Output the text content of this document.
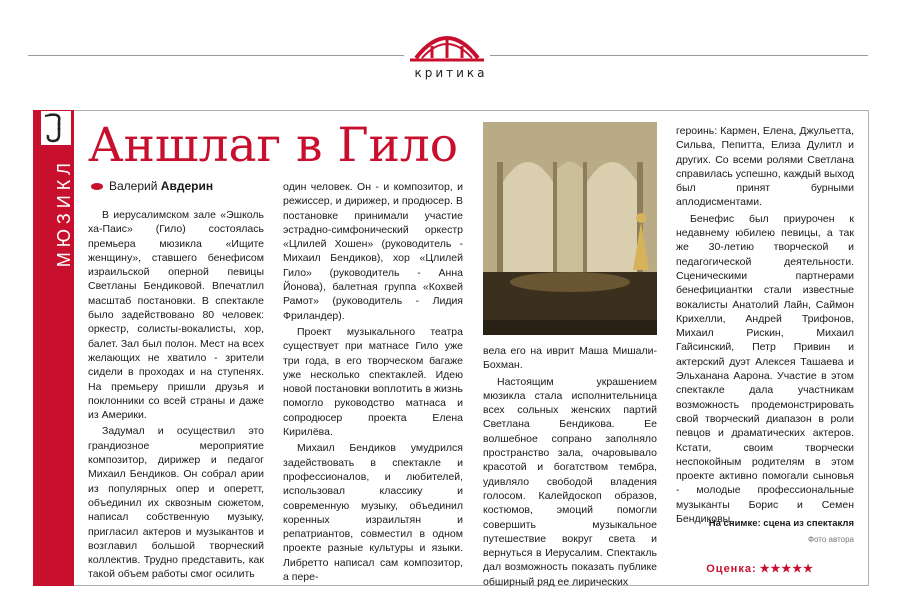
критика
МЮЗИКЛ
Аншлаг в Гило
Валерий Авдерин

В иерусалимском зале «Эшколь ха-Паис» (Гило) состоялась премьера мюзикла «Ищите женщину», ставшего бенефисом израильской оперной певицы Светланы Бендиковой. Впечатлил масштаб постановки. В спектакле было задействовано 80 человек: оркестр, солисты-вокалисты, хор, балет. Зал был полон. Мест на всех желающих не хватило - зрители сидели в проходах и на ступенях. На премьеру пришли друзья и поклонники со всей страны и даже из Америки.

Задумал и осуществил это грандиозное мероприятие композитор, дирижер и педагог Михаил Бендиков. Он собрал арии из популярных опер и оперетт, объединил их сквозным сюжетом, написал собственную музыку, пригласил актеров и музыкантов и возглавил большой творческий коллектив. Трудно представить, как такой объем работы смог осилить

один человек. Он - и композитор, и режиссер, и дирижер, и продюсер. В постановке принимали участие эстрадно-симфонический оркестр «Цлилей Хошен» (руководитель - Михаил Бендиков), хор «Цлилей Гило» (руководитель - Анна Йонова), балетная группа «Кохвей Рамот» (руководитель - Лидия Фриландер).

Проект музыкального театра существует при матнасе Гило уже три года, в его творческом багаже уже несколько спектаклей. Идею новой постановки воплотить в жизнь помогло руководство матнаса и сопродюсер проекта Елена Кирилёва.

Михаил Бендиков умудрился задействовать в спектакле и профессионалов, и любителей, использовал классику и современную музыку, объединил коренных израильтян и репатриантов, совместил в одном проекте разные культуры и языки. Либретто написал сам композитор, а пере-

вела его на иврит Маша Мишали-Бохман.

Настоящим украшением мюзикла стала исполнительница всех сольных женских партий Светлана Бендикова. Ее волшебное сопрано заполняло пространство зала, очаровывало красотой и богатством тембра, удивляло свободой владения голосом. Калейдоскоп образов, костюмов, эмоций помогли совершить музыкальное путешествие вокруг света и вернуться в Иерусалим. Спектакль дал возможность показать публике обширный ряд ее лирических

героинь: Кармен, Елена, Джульетта, Сильва, Пепитта, Елиза Дулитл и других. Со всеми ролями Светлана справилась успешно, каждый выход был принят бурными аплодисментами.

Бенефис был приурочен к недавнему юбилею певицы, а так же 30-летию творческой и педагогической деятельности. Сценическими партнерами бенефициантки стали известные вокалисты Анатолий Лайн, Саймон Крихелли, Андрей Трифонов, Михаил Рискин, Михаил Гайсинский, Петр Привин и актерский дуэт Алексея Ташаева и Эльханана Аарона. Участие в этом спектакле дала участникам возможность продемонстрировать свой творческий диапазон в роли певцов и драматических актеров. Кстати, своим творчески неспокойным родителям в этом проекте активно помогали сыновья - молодые профессиональные музыканты Борис и Семен Бендиковы.

На снимке: сцена из спектакля
Фото автора
Оценка: ★★★★★
